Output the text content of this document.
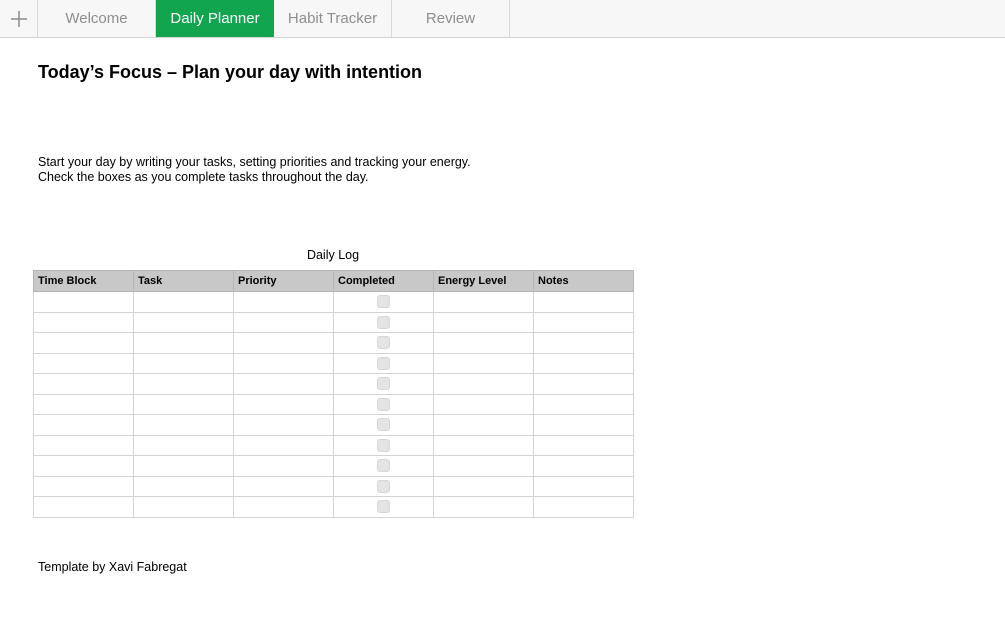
Welcome	Daily Planner	Habit Tracker	Review
Today’s Focus – Plan your day with intention
Start your day by writing your tasks, setting priorities and tracking your energy.
Check the boxes as you complete tasks throughout the day.
Daily Log
Time Block	Task	Priority	Completed	Energy Level	Notes

Template by Xavi Fabregat
